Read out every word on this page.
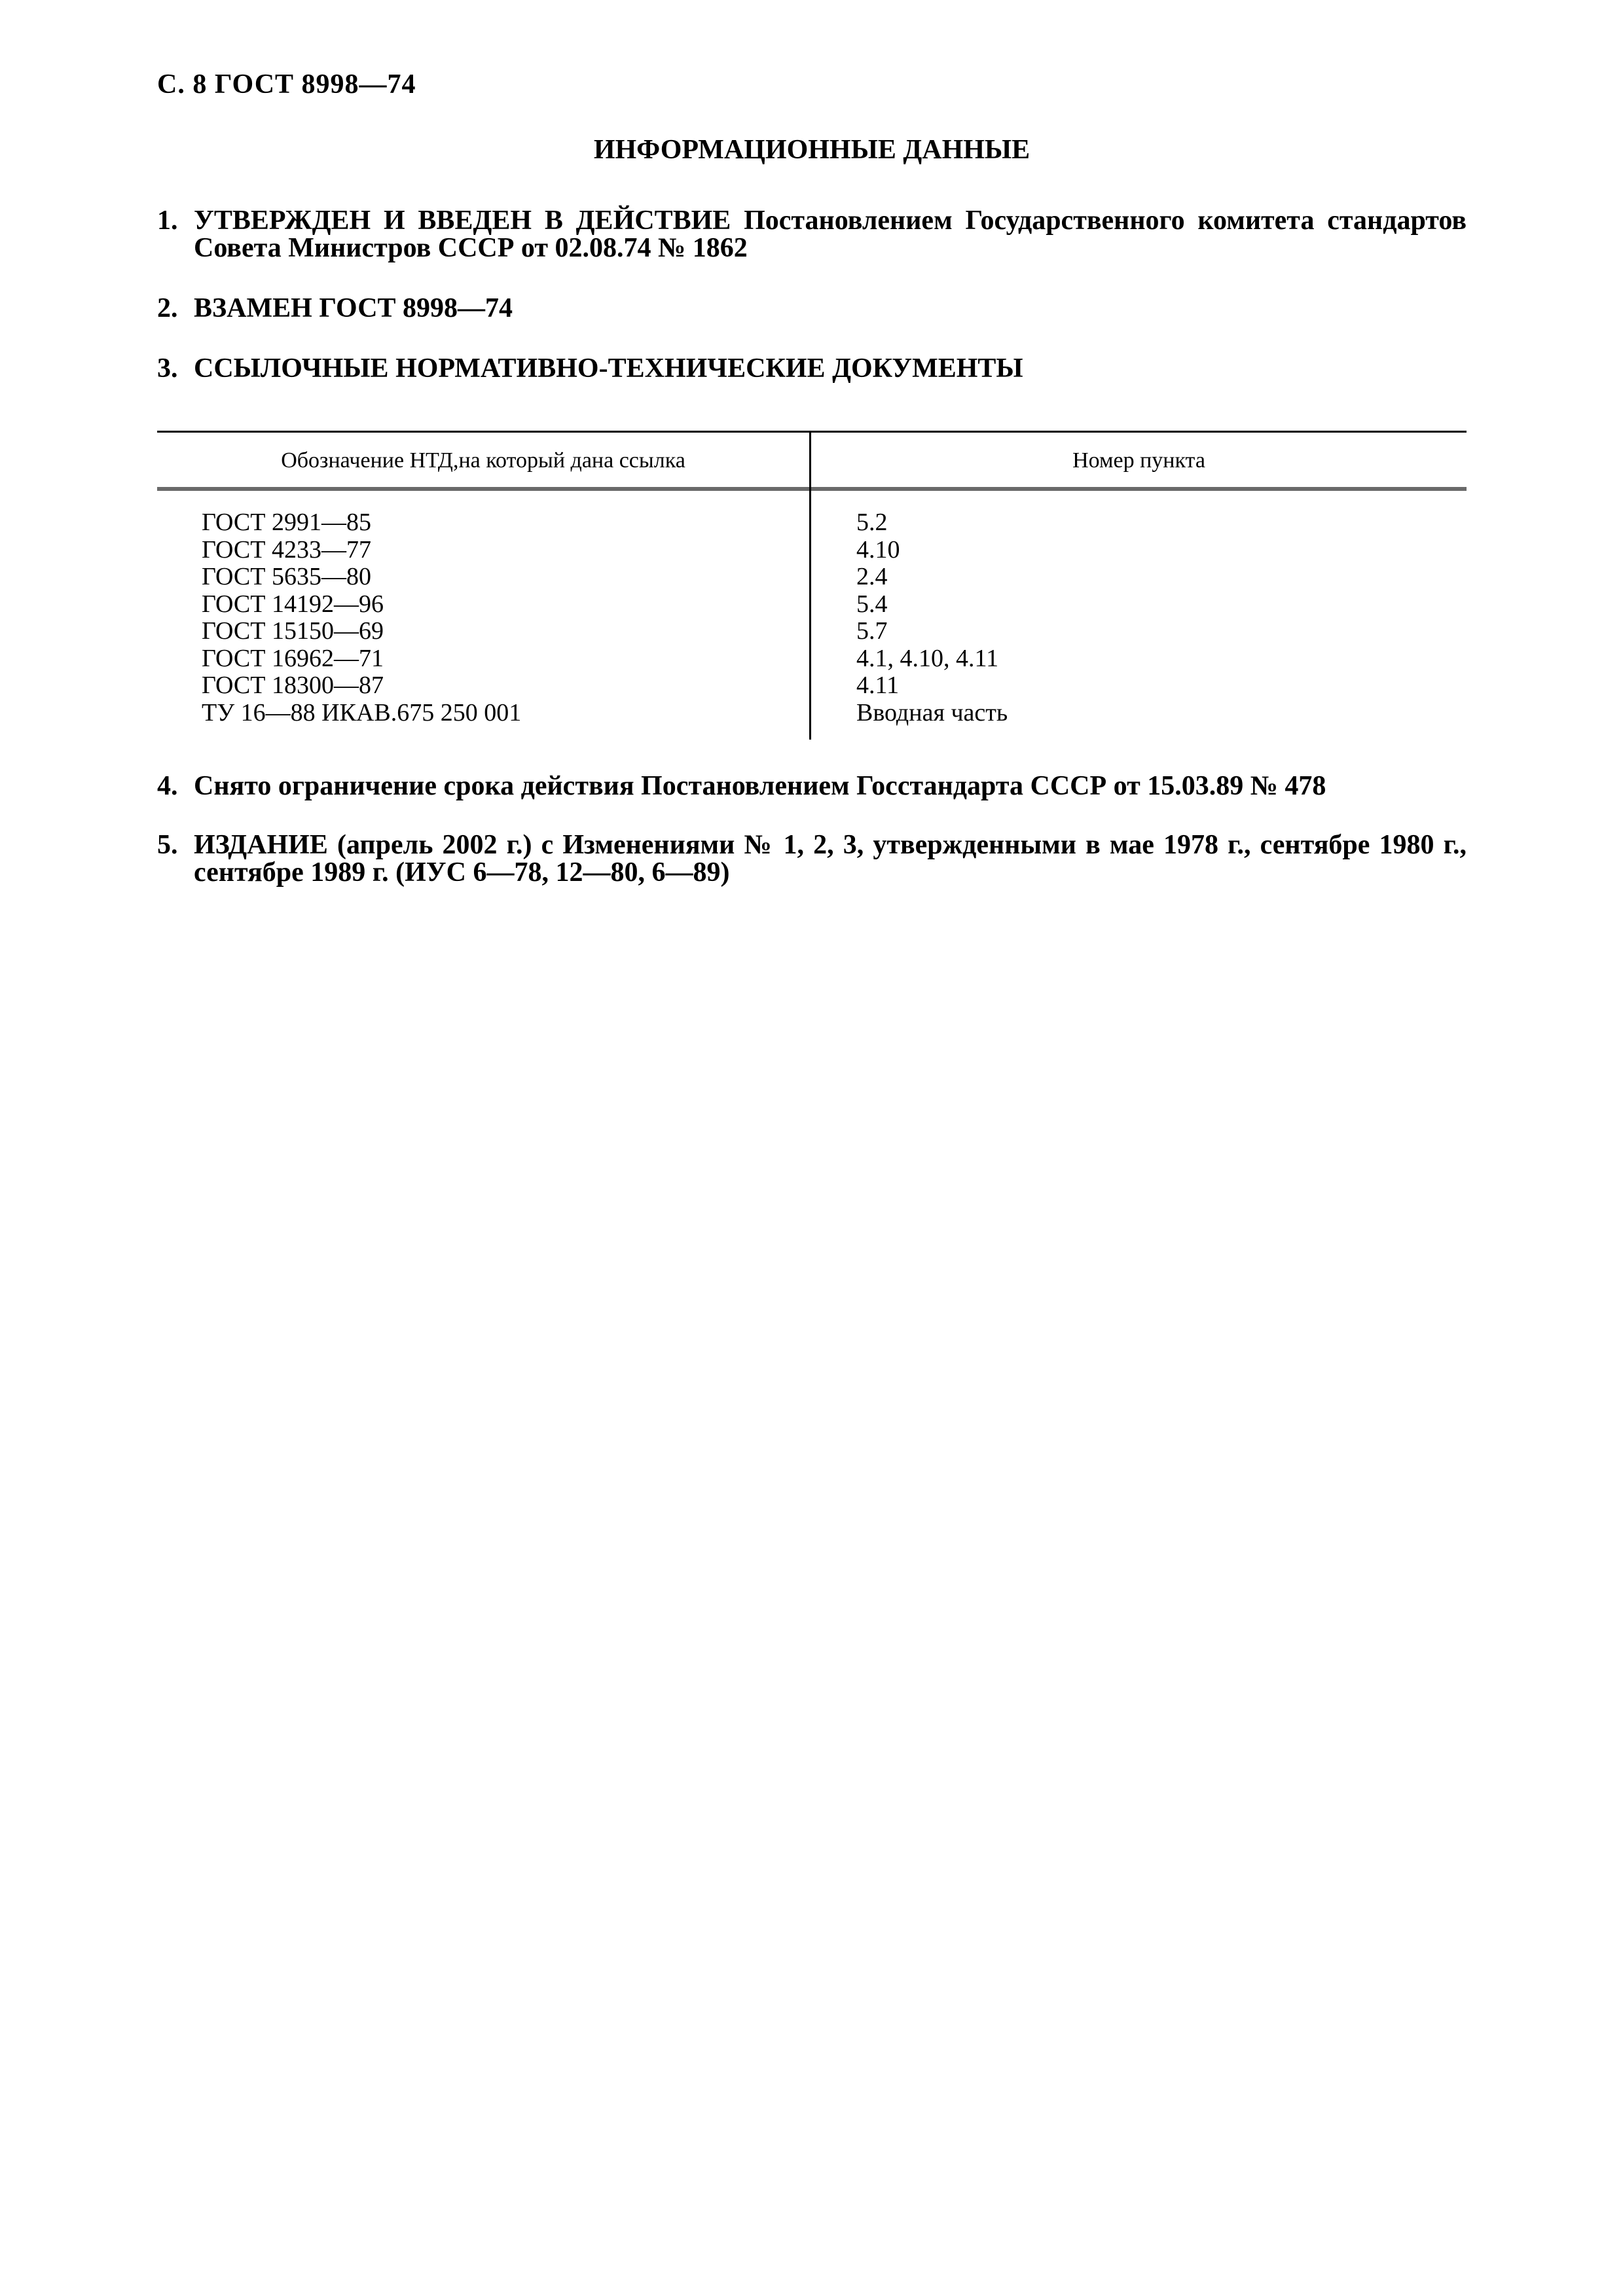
С. 8 ГОСТ 8998—74
ИНФОРМАЦИОННЫЕ ДАННЫЕ
1. УТВЕРЖДЕН И ВВЕДЕН В ДЕЙСТВИЕ Постановлением Государственного комитета стандартов Совета Министров СССР от 02.08.74 № 1862
2. ВЗАМЕН ГОСТ 8998—74
3. ССЫЛОЧНЫЕ НОРМАТИВНО-ТЕХНИЧЕСКИЕ ДОКУМЕНТЫ
Обозначение НТД,на который дана ссылка	Номер пункта
ГОСТ 2991—85
ГОСТ 4233—77
ГОСТ 5635—80
ГОСТ 14192—96
ГОСТ 15150—69
ГОСТ 16962—71
ГОСТ 18300—87
ТУ 16—88 ИКАВ.675 250 001
5.2
4.10
2.4
5.4
5.7
4.1, 4.10, 4.11
4.11
Вводная часть
4. Снято ограничение срока действия Постановлением Госстандарта СССР от 15.03.89 № 478
5. ИЗДАНИЕ (апрель 2002 г.) с Изменениями № 1, 2, 3, утвержденными в мае 1978 г., сентябре 1980 г., сентябре 1989 г. (ИУС 6—78, 12—80, 6—89)
